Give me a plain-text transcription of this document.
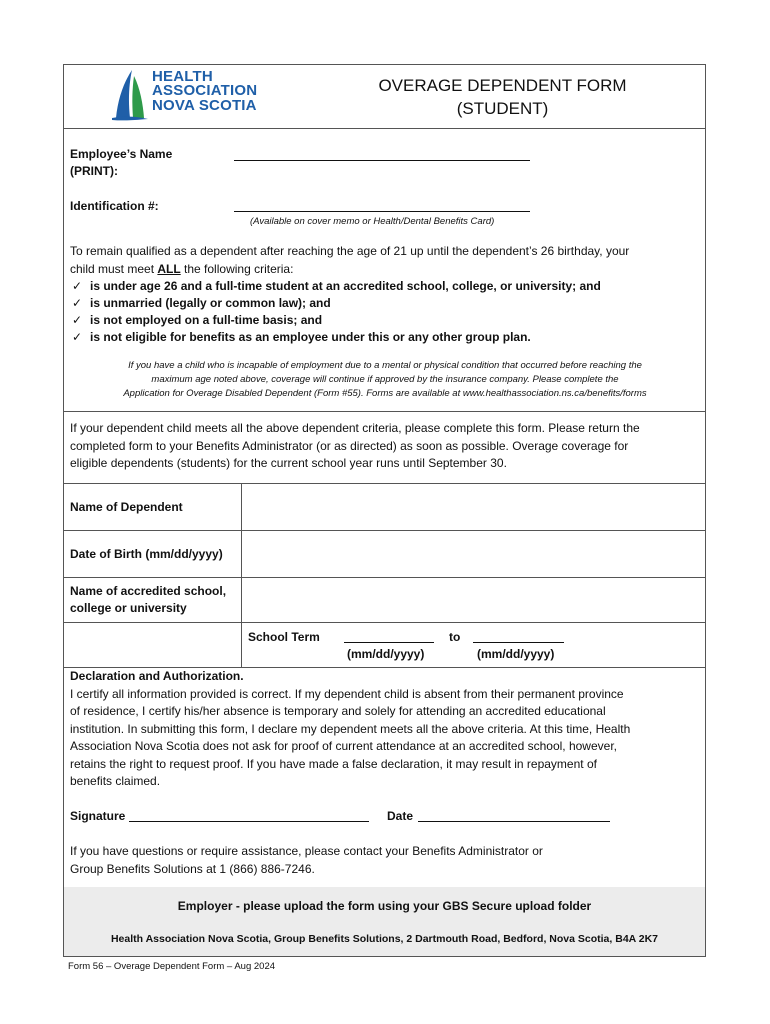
HEALTH
ASSOCIATION
NOVA SCOTIA
OVERAGE DEPENDENT FORM
(STUDENT)
Employee’s Name
(PRINT):
Identification #:
(Available on cover memo or Health/Dental Benefits Card)
To remain qualified as a dependent after reaching the age of 21 up until the dependent’s 26 birthday, your
child must meet ALL the following criteria:
✓ is under age 26 and a full-time student at an accredited school, college, or university; and
✓ is unmarried (legally or common law); and
✓ is not employed on a full-time basis; and
✓ is not eligible for benefits as an employee under this or any other group plan.
If you have a child who is incapable of employment due to a mental or physical condition that occurred before reaching the
maximum age noted above, coverage will continue if approved by the insurance company. Please complete the
Application for Overage Disabled Dependent (Form #55). Forms are available at www.healthassociation.ns.ca/benefits/forms
If your dependent child meets all the above dependent criteria, please complete this form. Please return the
completed form to your Benefits Administrator (or as directed) as soon as possible. Overage coverage for
eligible dependents (students) for the current school year runs until September 30.
Name of Dependent
Date of Birth (mm/dd/yyyy)
Name of accredited school,
college or university
School Term	to
(mm/dd/yyyy)	(mm/dd/yyyy)
Declaration and Authorization.
I certify all information provided is correct. If my dependent child is absent from their permanent province
of residence, I certify his/her absence is temporary and solely for attending an accredited educational
institution. In submitting this form, I declare my dependent meets all the above criteria. At this time, Health
Association Nova Scotia does not ask for proof of current attendance at an accredited school, however,
retains the right to request proof. If you have made a false declaration, it may result in repayment of
benefits claimed.
Signature	Date
If you have questions or require assistance, please contact your Benefits Administrator or
Group Benefits Solutions at 1 (866) 886-7246.
Employer - please upload the form using your GBS Secure upload folder
Health Association Nova Scotia, Group Benefits Solutions, 2 Dartmouth Road, Bedford, Nova Scotia, B4A 2K7
Form 56 – Overage Dependent Form – Aug 2024
